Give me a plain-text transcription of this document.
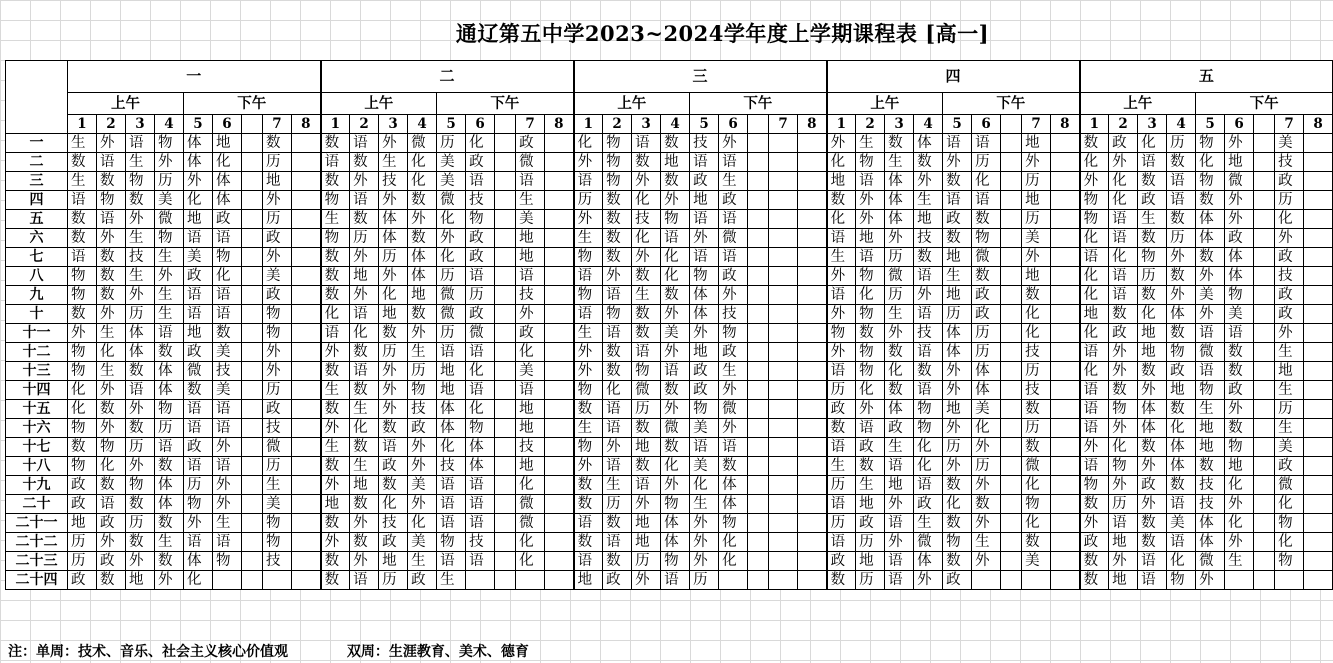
通辽第五中学2023~2024学年度上学期课程表 [高一]
	一									二									三									四									五								
	上午				下午					上午				下午					上午				下午					上午				下午					上午				下午				
	1	2	3	4	5	6		7	8	1	2	3	4	5	6		7	8	1	2	3	4	5	6		7	8	1	2	3	4	5	6		7	8	1	2	3	4	5	6		7	8
一	生	外	语	物	体	地		数		数	语	外	微	历	化		政		化	物	语	数	技	外				外	生	数	体	语	语		地		数	政	化	历	物	外		美	
二	数	语	生	外	体	化		历		语	数	生	化	美	政		微		外	物	数	地	语	语				化	物	生	数	外	历		外		化	外	语	数	化	地		技	
三	生	数	物	历	外	体		地		数	外	技	化	美	语		语		语	物	外	数	政	生				地	语	体	外	数	化		历		外	化	数	语	物	微		政	
四	语	物	数	美	化	体		外		物	语	外	数	微	技		生		历	数	化	外	地	政				数	外	体	生	语	语		地		物	化	政	语	数	外		历	
五	数	语	外	微	地	政		历		生	数	体	外	化	物		美		外	数	技	物	语	语				化	外	体	地	政	数		历		物	语	生	数	体	外		化	
六	数	外	生	物	语	语		政		物	历	体	数	外	政		地		生	数	化	语	外	微				语	地	外	技	数	物		美		化	语	数	历	体	政		外	
七	语	数	技	生	美	物		外		数	外	历	体	化	政		地		物	数	外	化	语	语				生	语	历	数	地	微		外		语	化	物	外	数	体		政	
八	物	数	生	外	政	化		美		数	地	外	体	历	语		语		语	外	数	化	物	政				外	物	微	语	生	数		地		化	语	历	数	外	体		技	
九	物	数	外	生	语	语		政		数	外	化	地	微	历		技		物	语	生	数	体	外				语	化	历	外	地	政		数		化	语	数	外	美	物		政	
十	数	外	历	生	语	语		物		化	语	地	数	微	政		外		语	物	数	外	体	技				外	物	生	语	历	政		化		地	数	化	体	外	美		政	
十一	外	生	体	语	地	数		物		语	化	数	外	历	微		政		生	语	数	美	外	物				物	数	外	技	体	历		化		化	政	地	数	语	语		外	
十二	物	化	体	数	政	美		外		外	数	历	生	语	语		化		外	数	语	外	地	政				外	物	数	语	体	历		技		语	外	地	物	微	数		生	
十三	物	生	数	体	微	技		外		数	语	外	历	地	化		美		外	数	物	语	政	生				语	物	化	数	外	体		历		化	外	数	政	语	数		地	
十四	化	外	语	体	数	美		历		生	数	外	物	地	语		语		物	化	微	数	政	外				历	化	数	语	外	体		技		语	数	外	地	物	政		生	
十五	化	数	外	物	语	语		政		数	生	外	技	体	化		地		数	语	历	外	物	微				政	外	体	物	地	美		数		语	物	体	数	生	外		历	
十六	物	外	数	历	语	语		技		外	化	数	政	体	物		地		生	语	数	微	美	外				数	语	政	物	外	化		历		语	外	体	化	地	数		生	
十七	数	物	历	语	政	外		微		生	数	语	外	化	体		技		物	外	地	数	语	语				语	政	生	化	历	外		数		外	化	数	体	地	物		美	
十八	物	化	外	数	语	语		历		数	生	政	外	技	体		地		外	语	数	化	美	数				生	数	语	化	外	历		微		语	物	外	体	数	地		政	
十九	政	数	物	体	历	外		生		外	地	数	美	语	语		化		数	生	语	外	化	体				历	生	地	语	数	外		化		物	外	政	数	技	化		微	
二十	政	语	数	体	物	外		美		地	数	化	外	语	语		微		数	历	外	物	生	体				语	地	外	政	化	数		物		数	历	外	语	技	外		化	
二十一	地	政	历	数	外	生		物		数	外	技	化	语	语		微		语	数	地	体	外	物				历	政	语	生	数	外		化		外	语	数	美	体	化		物	
二十二	历	外	数	生	语	语		物		外	数	政	美	物	技		化		数	语	地	体	外	化				语	历	外	微	物	生		数		政	地	数	语	体	外		化	
二十三	历	政	外	数	体	物		技		数	外	地	生	语	语		化		语	数	历	物	外	化				政	地	语	体	数	外		美		数	外	语	化	微	生		物	
二十四	政	数	地	外	化					数	语	历	政	生					地	政	外	语	历					数	历	语	外	政					数	地	语	物	外				
注：单周：技术、音乐、社会主义核心价值观	双周：生涯教育、美术、德育
